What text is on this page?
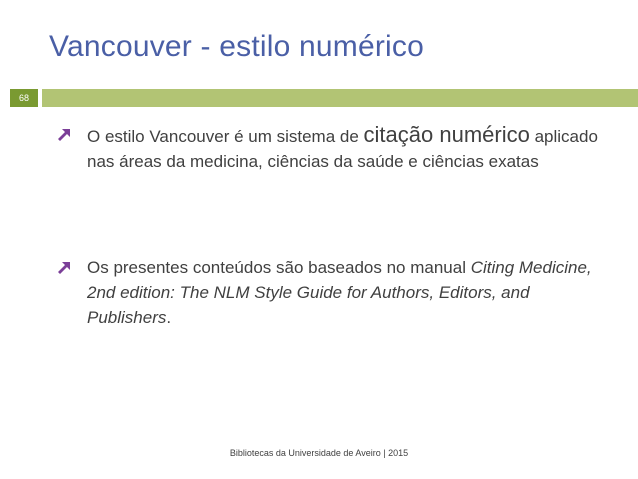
Vancouver - estilo numérico
68
O estilo Vancouver é um sistema de citação numérico aplicado nas áreas da medicina, ciências da saúde e ciências exatas
Os presentes conteúdos são baseados no manual Citing Medicine, 2nd edition: The NLM Style Guide for Authors, Editors, and Publishers.
Bibliotecas da Universidade de Aveiro | 2015
